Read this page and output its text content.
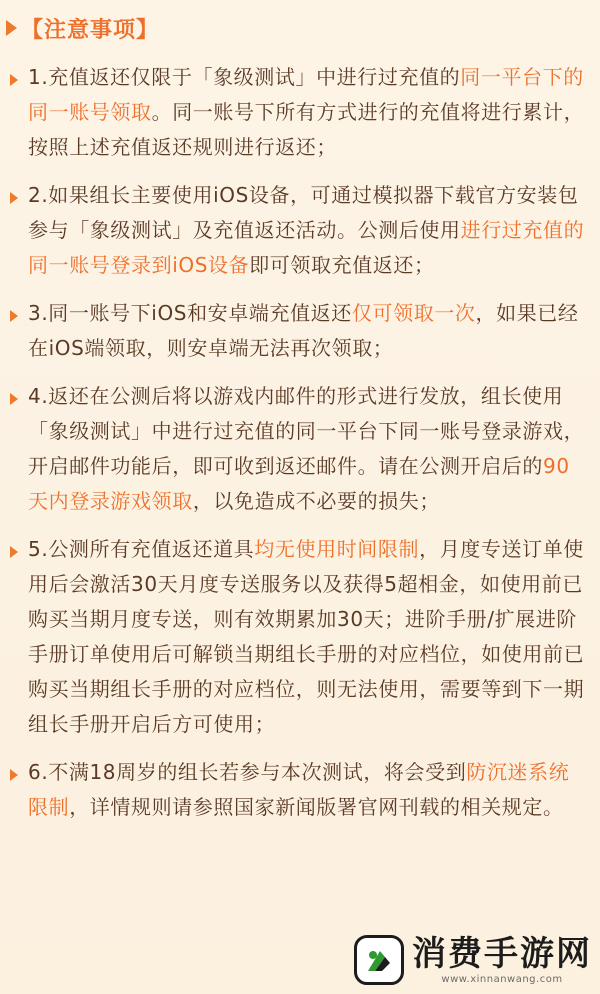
【注意事项】
1.充值返还仅限于「象级测试」中进行过充值的同一平台下的同一账号领取。同一账号下所有方式进行的充值将进行累计，按照上述充值返还规则进行返还；
2.如果组长主要使用iOS设备，可通过模拟器下载官方安装包参与「象级测试」及充值返还活动。公测后使用进行过充值的同一账号登录到iOS设备即可领取充值返还；
3.同一账号下iOS和安卓端充值返还仅可领取一次，如果已经在iOS端领取，则安卓端无法再次领取；
4.返还在公测后将以游戏内邮件的形式进行发放，组长使用「象级测试」中进行过充值的同一平台下同一账号登录游戏，开启邮件功能后，即可收到返还邮件。请在公测开启后的90天内登录游戏领取，以免造成不必要的损失；
5.公测所有充值返还道具均无使用时间限制，月度专送订单使用后会激活30天月度专送服务以及获得5超相金，如使用前已购买当期月度专送，则有效期累加30天；进阶手册/扩展进阶手册订单使用后可解锁当期组长手册的对应档位，如使用前已购买当期组长手册的对应档位，则无法使用，需要等到下一期组长手册开启后方可使用；
6.不满18周岁的组长若参与本次测试，将会受到防沉迷系统限制，详情规则请参照国家新闻版署官网刊载的相关规定。
消费手游网
www.xinnanwang.com
